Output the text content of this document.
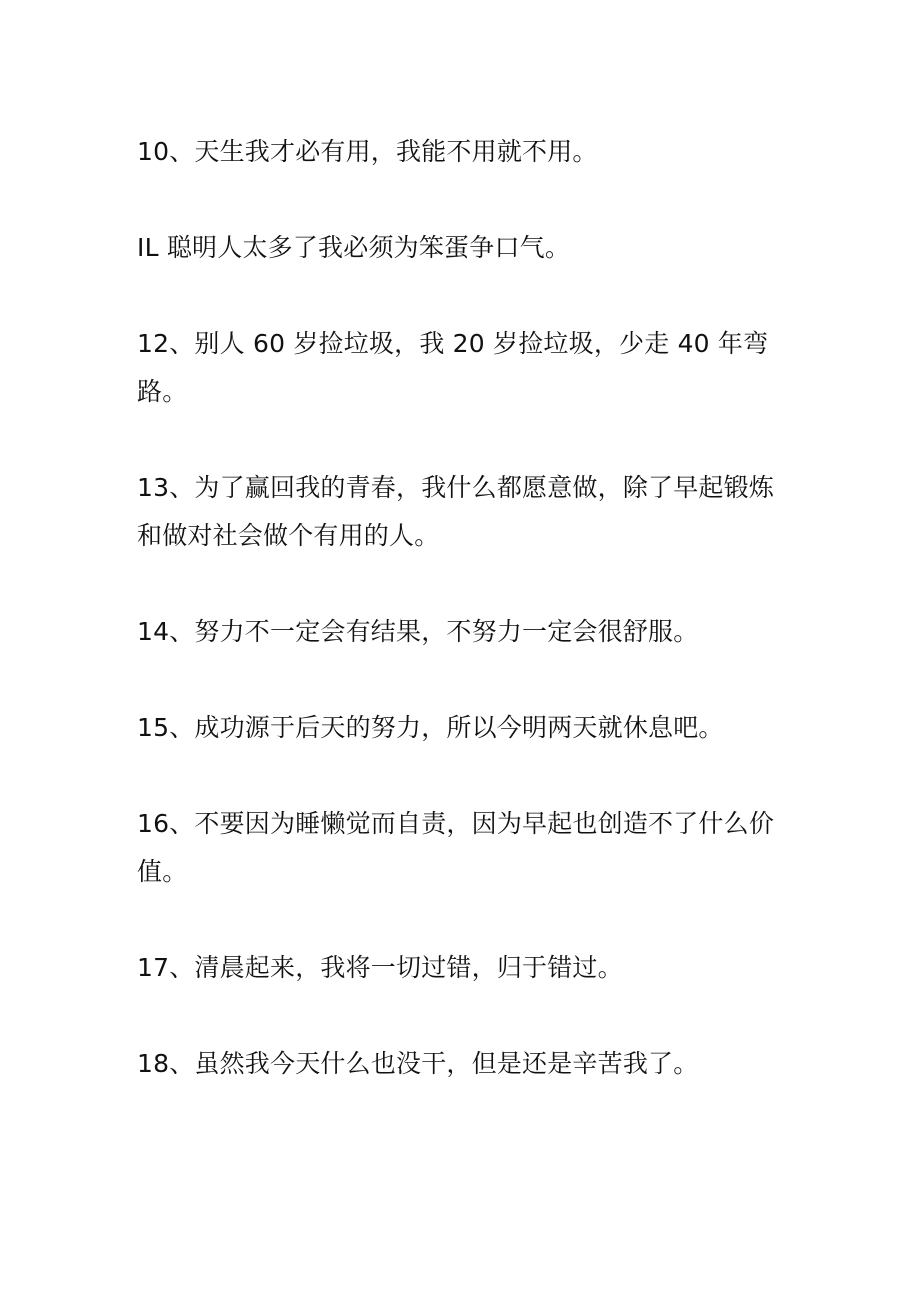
10、天生我才必有用，我能不用就不用。

IL 聪明人太多了我必须为笨蛋争口气。

12、别人 60 岁捡垃圾，我 20 岁捡垃圾，少走 40 年弯路。

13、为了赢回我的青春，我什么都愿意做，除了早起锻炼和做对社会做个有用的人。

14、努力不一定会有结果，不努力一定会很舒服。

15、成功源于后天的努力，所以今明两天就休息吧。

16、不要因为睡懒觉而自责，因为早起也创造不了什么价值。

17、清晨起来，我将一切过错，归于错过。

18、虽然我今天什么也没干，但是还是辛苦我了。
